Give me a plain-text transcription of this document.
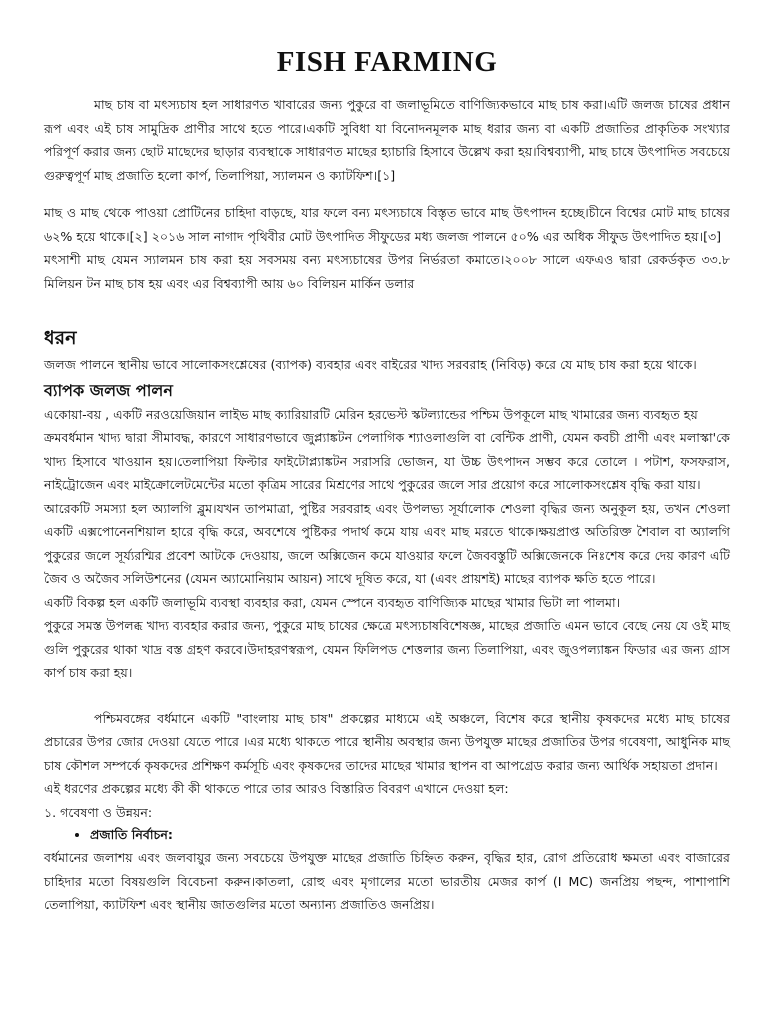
FISH FARMING

মাছ চাষ বা মৎস্যচাষ হল সাধারণত খাবারের জন্য পুকুরে বা জলাভূমিতে বাণিজ্যিকভাবে মাছ চাষ করা।এটি জলজ চাষের প্রধান রূপ এবং এই চাষ সামুদ্রিক প্রাণীর সাথে হতে পারে।একটি সুবিধা যা বিনোদনমূলক মাছ ধরার জন্য বা একটি প্রজাতির প্রাকৃতিক সংখ্যার পরিপূর্ণ করার জন্য ছোট মাছেদের ছাড়ার ব্যবস্থাকে সাধারণত মাছের হ্যাচারি হিসাবে উল্লেখ করা হয়।বিশ্বব্যাপী, মাছ চাষে উৎপাদিত সবচেয়ে গুরুত্বপূর্ণ মাছ প্রজাতি হলো কার্প, তিলাপিয়া, স্যালমন ও ক্যাটফিশ।[১]

মাছ ও মাছ থেকে পাওয়া প্রোটিনের চাহিদা বাড়ছে, যার ফলে বন্য মৎস্যচাষে বিস্তৃত ভাবে মাছ উৎপাদন হচ্ছে।চীনে বিশ্বের মোট মাছ চাষের ৬২% হয়ে থাকে।[২] ২০১৬ সাল নাগাদ পৃথিবীর মোট উৎপাদিত সীফুডের মধ্য জলজ পালনে ৫০% এর অধিক সীফুড উৎপাদিত হয়।[৩]

মৎসাশী মাছ যেমন স্যালমন চাষ করা হয় সবসময় বন্য মৎস্যচাষের উপর নির্ভরতা কমাতে।২০০৮ সালে এফএও দ্বারা রেকর্ডকৃত ৩৩.৮ মিলিয়ন টন মাছ চাষ হয় এবং এর বিশ্বব্যাপী আয় ৬০ বিলিয়ন মার্কিন ডলার

ধরন

জলজ পালনে স্থানীয় ভাবে সালোকসংশ্লেষের (ব্যাপক) ব্যবহার এবং বাইরের খাদ্য সরবরাহ (নিবিড়) করে যে মাছ চাষ করা হয়ে থাকে।

ব্যাপক জলজ পালন

একোয়া-বয় , একটি নরওয়েজিয়ান লাইভ মাছ ক্যারিয়ারটি মেরিন হরভেস্ট স্কটল্যান্ডের পশ্চিম উপকূলে মাছ খামারের জন্য ব্যবহৃত হয়

ক্রমবর্ধমান খাদ্য দ্বারা সীমাবদ্ধ, কারণে সাধারণভাবে জুপ্ল্যাঙ্কটন পেলাগিক শ্যাওলাগুলি বা বেন্টিক প্রাণী, যেমন কবচী প্রাণী এবং মলাস্কা'কে খাদ্য হিসাবে খাওয়ান হয়।তেলাপিয়া ফিল্টার ফাইটোপ্ল্যাঙ্কটন সরাসরি ভোজন, যা উচ্চ উৎপাদন সম্ভব করে তোলে । পটাশ, ফসফরাস, নাইট্রোজেন এবং মাইক্রোলেটমেন্টের মতো কৃত্রিম সারের মিশ্রণের সাথে পুকুরের জলে সার প্রয়োগ করে সালোকসংশ্লেষ বৃদ্ধি করা যায়।

আরেকটি সমস্যা হল অ্যালগি ব্লুম।যখন তাপমাত্রা, পুষ্টির সরবরাহ এবং উপলভ্য সূর্যালোক শেওলা বৃদ্ধির জন্য অনুকূল হয়, তখন শেওলা একটি এক্সপোনেনশিয়াল হারে বৃদ্ধি করে, অবশেষে পুষ্টিকর পদার্থ কমে যায় এবং মাছ মরতে থাকে।ক্ষয়প্রাপ্ত অতিরিক্ত শৈবাল বা অ্যালগি পুকুরের জলে সূর্য্যরশ্মির প্রবেশ আটকে দেওয়ায়, জলে অক্সিজেন কমে যাওয়ার ফলে জৈববস্তুটি অক্সিজেনকে নিঃশেষ করে দেয় কারণ এটি জৈব ও অজৈব সলিউশনের (যেমন অ্যামোনিয়াম আয়ন) সাথে দূষিত করে, যা (এবং প্রায়শই) মাছের ব্যাপক ক্ষতি হতে পারে।

একটি বিকল্প হল একটি জলাভূমি ব্যবস্থা ব্যবহার করা, যেমন স্পেনে ব্যবহৃত বাণিজ্যিক মাছের খামার ভিটা লা পালমা।

পুকুরে সমস্ত উপলব্ধ খাদ্য ব্যবহার করার জন্য, পুকুরে মাছ চাষের ক্ষেত্রে মৎস্যচাষবিশেষজ্ঞ, মাছের প্রজাতি এমন ভাবে বেছে নেয় যে ওই মাছ গুলি পুকুরের থাকা খাদ্র বস্ত গ্রহণ করবে।উদাহরণস্বরূপ, যেমন ফিলিপড শেত্তলার জন্য তিলাপিয়া, এবং জুওপল্যাঙ্কন ফিডার এর জন্য গ্রাস কার্প চাষ করা হয়।

পশ্চিমবঙ্গের বর্ধমানে একটি "বাংলায় মাছ চাষ" প্রকল্পের মাধ্যমে এই অঞ্চলে, বিশেষ করে স্থানীয় কৃষকদের মধ্যে মাছ চাষের প্রচারের উপর জোর দেওয়া যেতে পারে ।এর মধ্যে থাকতে পারে স্থানীয় অবস্থার জন্য উপযুক্ত মাছের প্রজাতির উপর গবেষণা, আধুনিক মাছ চাষ কৌশল সম্পর্কে কৃষকদের প্রশিক্ষণ কর্মসূচি এবং কৃষকদের তাদের মাছের খামার স্থাপন বা আপগ্রেড করার জন্য আর্থিক সহায়তা প্রদান।

এই ধরণের প্রকল্পের মধ্যে কী কী থাকতে পারে তার আরও বিস্তারিত বিবরণ এখানে দেওয়া হল:

১. গবেষণা ও উন্নয়ন:

• প্রজাতি নির্বাচন:

বর্ধমানের জলাশয় এবং জলবায়ুর জন্য সবচেয়ে উপযুক্ত মাছের প্রজাতি চিহ্নিত করুন, বৃদ্ধির হার, রোগ প্রতিরোধ ক্ষমতা এবং বাজারের চাহিদার মতো বিষয়গুলি বিবেচনা করুন।কাতলা, রোহু এবং মৃগালের মতো ভারতীয় মেজর কার্প (I MC) জনপ্রিয় পছন্দ, পাশাপাশি তেলাপিয়া, ক্যাটফিশ এবং স্থানীয় জাতগুলির মতো অন্যান্য প্রজাতিও জনপ্রিয়।
